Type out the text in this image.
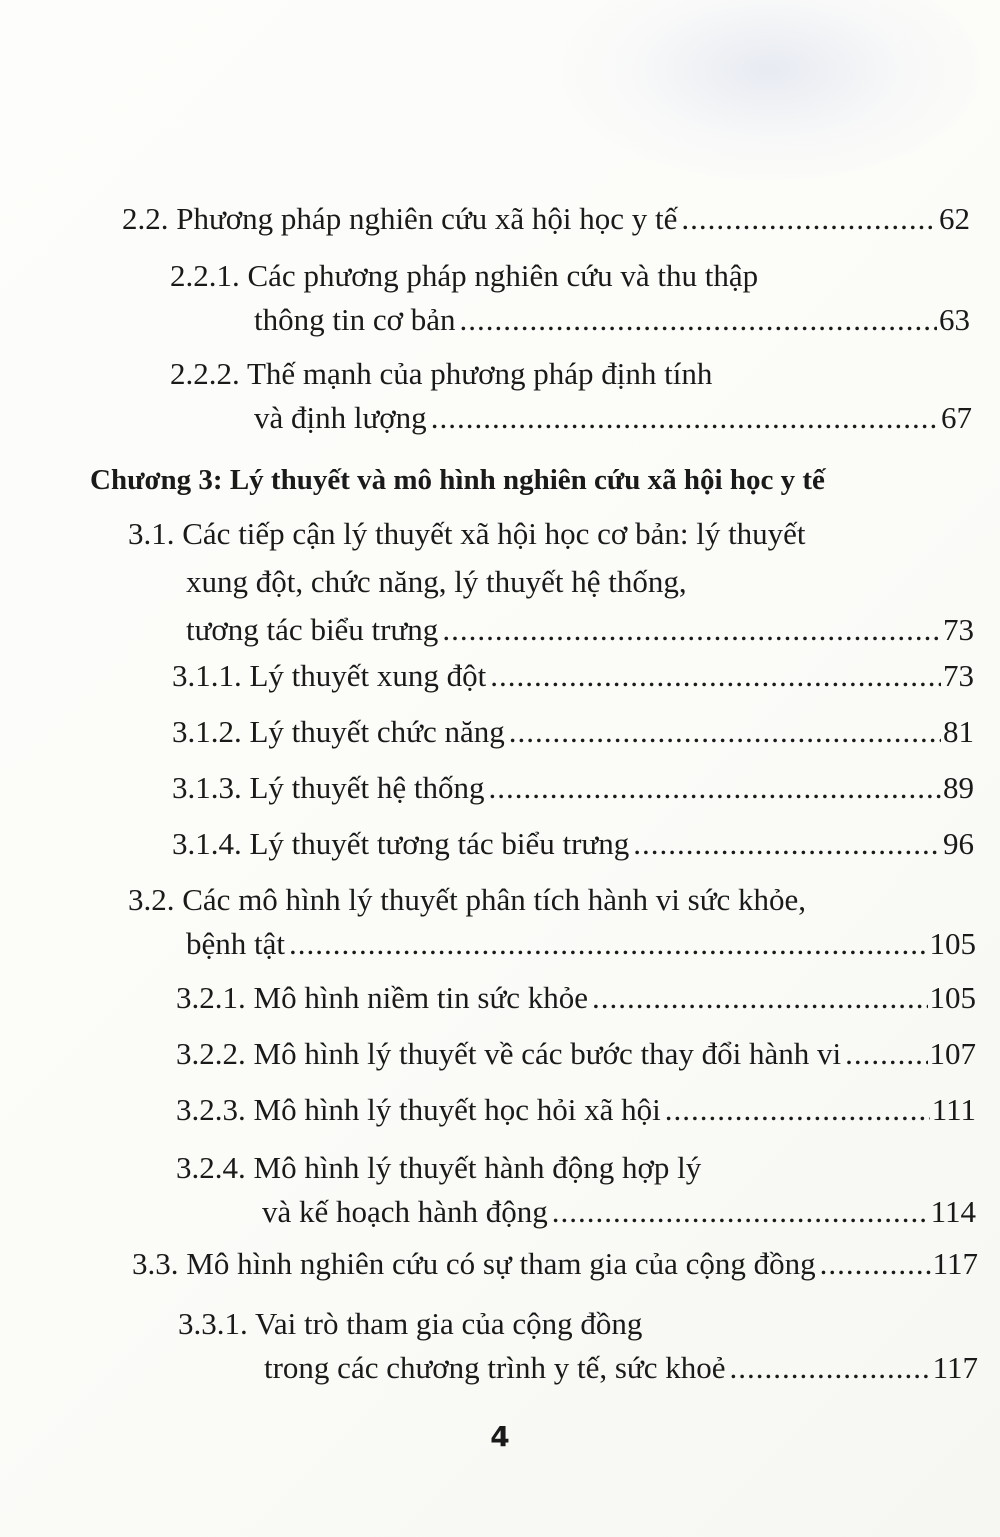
2.2. Phương pháp nghiên cứu xã hội học y tế .....	62
2.2.1. Các phương pháp nghiên cứu và thu thập
thông tin cơ bản .....	63
2.2.2. Thế mạnh của phương pháp định tính
và định lượng .....	67
Chương 3: Lý thuyết và mô hình nghiên cứu xã hội học y tế
3.1. Các tiếp cận lý thuyết xã hội học cơ bản: lý thuyết
xung đột, chức năng, lý thuyết hệ thống,
tương tác biểu trưng .....	73
3.1.1. Lý thuyết xung đột .....	73
3.1.2. Lý thuyết chức năng .....	81
3.1.3. Lý thuyết hệ thống .....	89
3.1.4. Lý thuyết tương tác biểu trưng .....	96
3.2. Các mô hình lý thuyết phân tích hành vi sức khỏe,
bệnh tật .....	105
3.2.1. Mô hình niềm tin sức khỏe .....	105
3.2.2. Mô hình lý thuyết về các bước thay đổi hành vi .....	107
3.2.3. Mô hình lý thuyết học hỏi xã hội .....	111
3.2.4. Mô hình lý thuyết hành động hợp lý
và kế hoạch hành động .....	114
3.3. Mô hình nghiên cứu có sự tham gia của cộng đồng .....	117
3.3.1. Vai trò tham gia của cộng đồng
trong các chương trình y tế, sức khoẻ .....	117
4
